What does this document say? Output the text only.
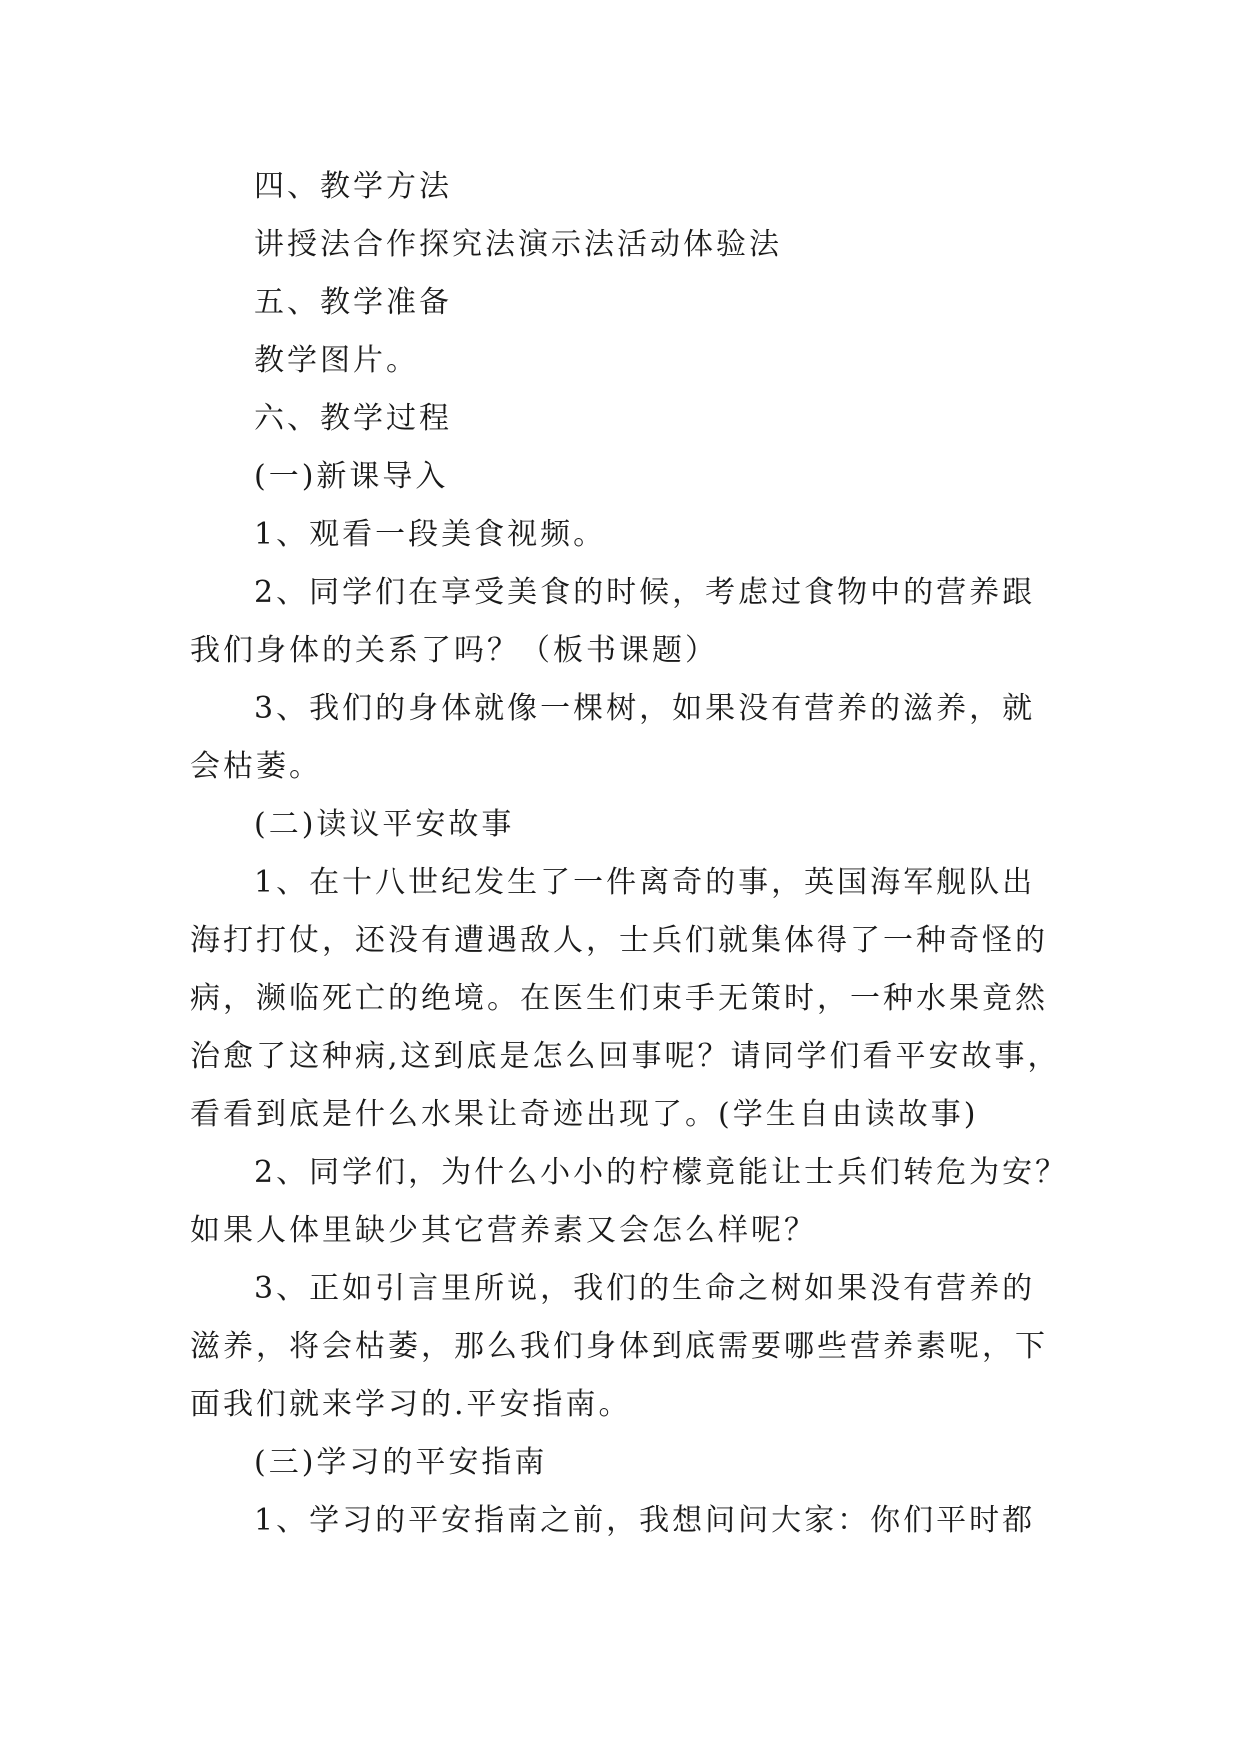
四、教学方法

讲授法合作探究法演示法活动体验法

五、教学准备

教学图片。

六、教学过程

(一)新课导入

1、观看一段美食视频。

2、同学们在享受美食的时候，考虑过食物中的营养跟

我们身体的关系了吗？（板书课题）

3、我们的身体就像一棵树，如果没有营养的滋养，就

会枯萎。

(二)读议平安故事

1、在十八世纪发生了一件离奇的事，英国海军舰队出

海打打仗，还没有遭遇敌人，士兵们就集体得了一种奇怪的

病，濒临死亡的绝境。在医生们束手无策时，一种水果竟然

治愈了这种病,这到底是怎么回事呢？请同学们看平安故事，

看看到底是什么水果让奇迹出现了。(学生自由读故事)

2、同学们，为什么小小的柠檬竟能让士兵们转危为安？

如果人体里缺少其它营养素又会怎么样呢？

3、正如引言里所说，我们的生命之树如果没有营养的

滋养，将会枯萎，那么我们身体到底需要哪些营养素呢，下

面我们就来学习的.平安指南。

(三)学习的平安指南

1、学习的平安指南之前，我想问问大家：你们平时都
